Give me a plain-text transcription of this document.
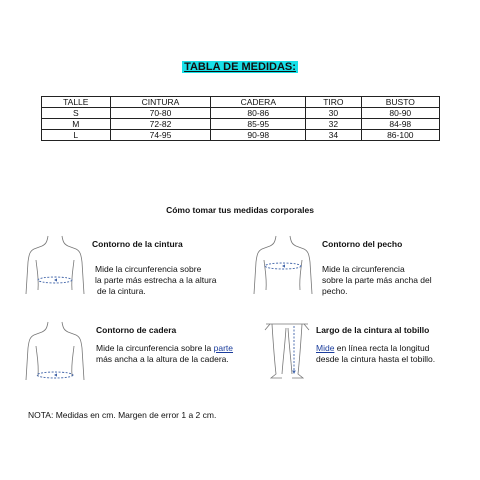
TABLA DE MEDIDAS:
TALLE	CINTURA	CADERA	TIRO	BUSTO
S	70-80	80-86	30	80-90
M	72-82	85-95	32	84-98
L	74-95	90-98	34	86-100
Cómo tomar tus medidas corporales
Contorno de la cintura
Mide la circunferencia sobre
la parte más estrecha a la altura
de la cintura.
Contorno del pecho
Mide la circunferencia
sobre la parte más ancha del
pecho.
Contorno de cadera
Mide la circunferencia sobre la parte
más ancha a la altura de la cadera.
Largo de la cintura al tobillo
Mide en línea recta la longitud
desde la cintura hasta el tobillo.
NOTA: Medidas en cm. Margen de error 1 a 2 cm.
